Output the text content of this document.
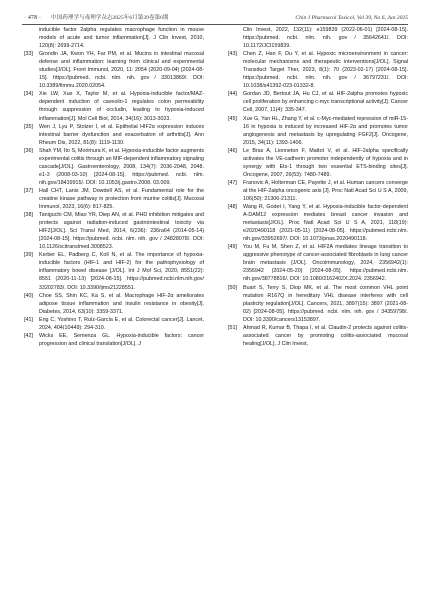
· 478 · 中国药理学与毒理学杂志2025年6月第39卷第6期	Chin J Pharmacol Toxicol, Vol 39, No 6, Jun 2025
inducible factor 2alpha regulates macrophage function in mouse models of acute and tumor inflammation[J]. J Clin Invest, 2010, 120(8): 2699-2714.
[33]	Grondin JA, Kwon YH, Far PM, et al. Mucins in intestinal mucosal defense and inflammation: learning from clinical and experimental studies[J/OL]. Front Immunol, 2020, 11: 2054 (2020-09-04) [2024-08-15]. https://pubmed. ncbi. nlm. nih. gov / 33013869/. DOI: 10.3389/fimmu.2020.02054.
[34]	Xie LW, Xue X, Taylor M, et al. Hypoxia-inducible factor/MAZ-dependent induction of caveolin-1 regulates colon permeability through suppression of occludin, leading to hypoxia-induced inflammation[J]. Mol Cell Biol, 2014, 34(16): 3013-3023.
[35]	Wen J, Lyu P, Stolzer I, et al. Epithelial HIF2α expression induces intestinal barrier dysfunction and exacerbation of arthritis[J]. Ann Rheum Dis, 2022, 81(8): 1119-1130.
[36]	Shah YM, Ito S, Morimura K, et al. Hypoxia-inducible factor augments experimental colitis through an MIF-dependent inflammatory signaling cascade[J/OL]. Gastroenterology, 2008, 134(7): 2036-2048, 2048. e1-3 (2008-03-10) [2024-08-15]. https://pubmed. ncbi. nlm. nih.gov/18439915/. DOI: 10.1053/j.gastro.2008. 03.009.
[37]	Hall CHT, Lanis JM, Dowdell AS, et al. Fundamental role for the creatine kinase pathway in protection from murine colitis[J]. Mucosal Immunol, 2023, 16(6): 817-825.
[38]	Taniguchi CM, Miao YR, Diep AN, et al. PHD inhibition mitigates and protects against radiation-induced gastrointestinal toxicity via HIF2[J/OL]. Sci Transl Med, 2014, 6(236): 236ra64 (2014-05-14) [2024-08-15]. https://pubmed. ncbi. nlm. nih. gov / 24828078/. DOI: 10.1126/scitranslmed.3008523.
[39]	Kerber EL, Padberg C, Koll N, et al. The importance of hypoxia-inducible factors (HIF-1 and HIF-2) for the pathophysiology of inflammatory bowel disease [J/OL]. Int J Mol Sci, 2020, 8551(22): 8551 (2020-11-13) [2024-08-15]. https://pubmed.ncbi.nlm.nih.gov/ 33202783/. DOI: 10.3390/ijms21228551.
[40]	Choe SS, Shin KC, Ka S, et al. Macrophage HIF-2α ameliorates adipose tissue inflammation and insulin resistance in obesity[J]. Diabetes, 2014, 63(10): 3359-3371.
[41]	Eng C, Yoshino T, Ruíz-García E, et al. Colorectal cancer[J]. Lancet, 2024, 404(10449): 294-310.
[42]	Wicks EE, Semenza GL. Hypoxia-inducible factors: cancer progression and clinical translation[J/OL]. J
Clin Invest, 2022, 132(11): e159839 (2022-06-01) [2024-08-15]. https://pubmed. ncbi. nlm. nih. gov / 35642641/. DOI: 10.1172/JCI159839.
[43]	Chen Z, Han F, Du Y, et al. Hypoxic microenvironment in cancer: molecular mechanisms and therapeutic interventions[J/OL]. Signal Transduct Target Ther, 2023, 8(1): 70 (2023-02-17) [2024-08-15]. https://pubmed. ncbi. nlm. nih. gov / 36797231/. DOI: 10.1038/s41392-023-01332-8.
[44]	Gordan JD, Bertout JA, Hu CJ, et al. HIF-2alpha promotes hypoxic cell proliferation by enhancing c-myc transcriptional activity[J]. Cancer Cell, 2007, 11(4): 335-347.
[45]	Xue G, Yan HL, Zhang Y, et al. c-Myc-mediated repression of miR-15-16 in hypoxia is induced by increased HIF-2α and promotes tumor angiogenesis and metastasis by upregulating FGF2[J]. Oncogene, 2015, 34(11): 1393-1406.
[46]	Le Bras A, Lionneton F, Mattot V, et al. HIF-2alpha specifically activates the VE-cadherin promoter independently of hypoxia and in synergy with Ets-1 through two essential ETS-binding sites[J]. Oncogene, 2007, 26(53): 7480-7489.
[47]	Franovic A, Holterman CE, Payette J, et al. Human cancers converge at the HIF-2alpha oncogenic axis [J]. Proc Natl Acad Sci U S A, 2009, 106(50): 21306-21311.
[48]	Wang R, Godet I, Yang Y, et al. Hypoxia-inducible factor-dependent A-DAM12 expression mediates breast cancer invasion and metastasis[J/OL]. Proc Natl Acad Sci U S A, 2021, 118(19): e2020490118 (2021-05-11) [2024-08-05]. https://pubmed.ncbi.nlm. nih.gov/33952697/. DOI: 10.1073/pnas.2020490118.
[49]	You M, Fu M, Shen Z, et al. HIF2A mediates lineage transition to aggressive phenotype of cancer-associated fibroblasts in lung cancer brain metastasis [J/OL]. Oncoimmunology, 2024, 2356942(1): 2356942 (2024-05-20) [2024-08-05]. https://pubmed.ncbi.nlm. nih.gov/38778816/. DOI: 10.1080/2162402X.2024. 2356942.
[50]	Buart S, Terry S, Diop MK, et al. The most common VHL point mutation R167Q in hereditary VHL disease interferes with cell plasticity regulation[J/OL]. Cancers, 2021, 3897(15): 3897 (2021-08-02) [2024-08-05]. https://pubmed. ncbi. nlm. nih. gov / 34359798/. DOI: 10.3390/cancers13153897.
[51]	Ahmad R, Kumar B, Thapa I, et al. Claudin-2 protects against colitis-associated cancer by promoting colitis-associated mucosal healing[J/OL]. J Clin Invest,
